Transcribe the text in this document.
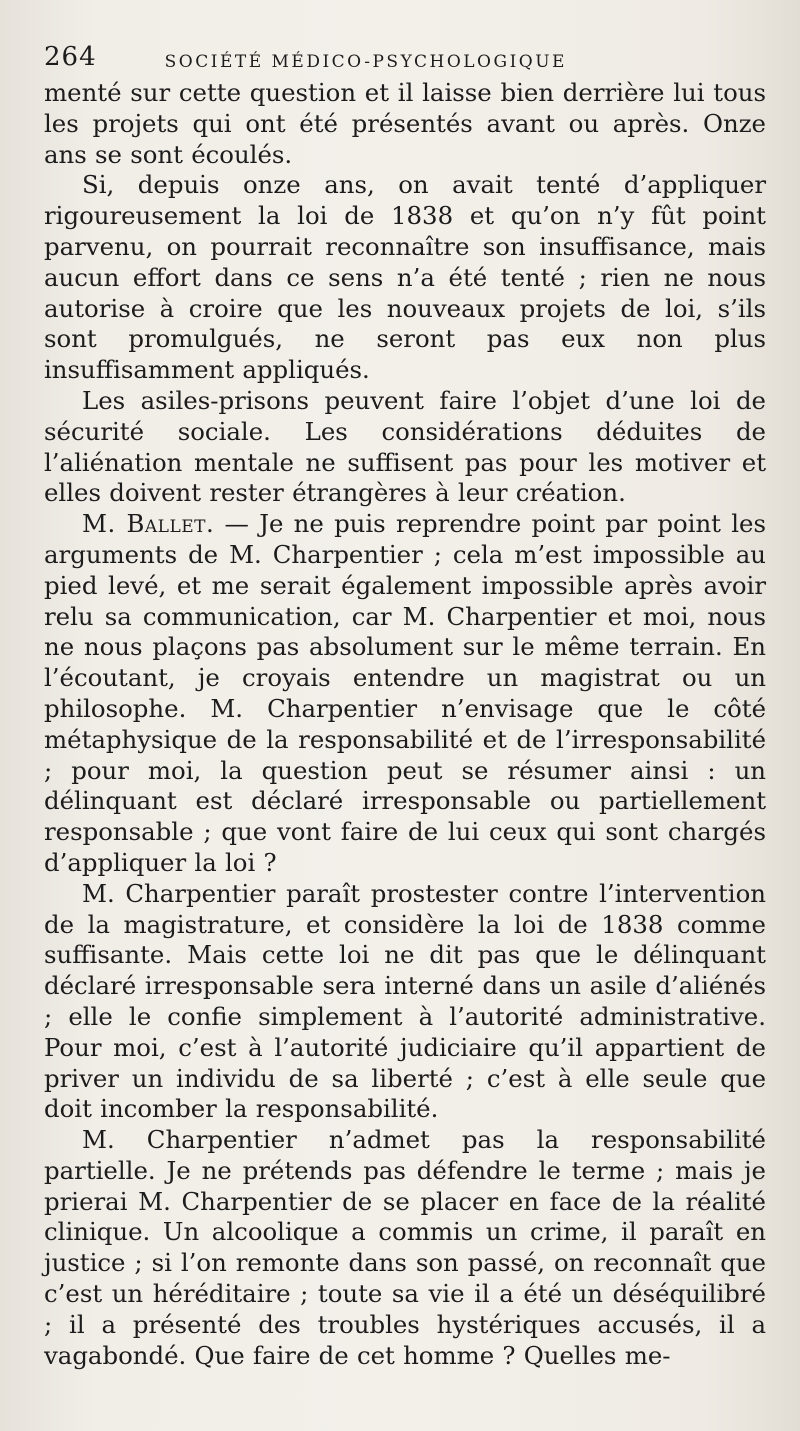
264	SOCIÉTÉ MÉDICO-PSYCHOLOGIQUE

menté sur cette question et il laisse bien derrière lui tous les projets qui ont été présentés avant ou après. Onze ans se sont écoulés.

Si, depuis onze ans, on avait tenté d’appliquer rigoureusement la loi de 1838 et qu’on n’y fût point parvenu, on pourrait reconnaître son insuffisance, mais aucun effort dans ce sens n’a été tenté ; rien ne nous autorise à croire que les nouveaux projets de loi, s’ils sont promulgués, ne seront pas eux non plus insuffisamment appliqués.

Les asiles-prisons peuvent faire l’objet d’une loi de sécurité sociale. Les considérations déduites de l’aliénation mentale ne suffisent pas pour les motiver et elles doivent rester étrangères à leur création.

M. Ballet. — Je ne puis reprendre point par point les arguments de M. Charpentier ; cela m’est impossible au pied levé, et me serait également impossible après avoir relu sa communication, car M. Charpentier et moi, nous ne nous plaçons pas absolument sur le même terrain. En l’écoutant, je croyais entendre un magistrat ou un philosophe. M. Charpentier n’envisage que le côté métaphysique de la responsabilité et de l’irresponsabilité ; pour moi, la question peut se résumer ainsi : un délinquant est déclaré irresponsable ou partiellement responsable ; que vont faire de lui ceux qui sont chargés d’appliquer la loi ?

M. Charpentier paraît prostester contre l’intervention de la magistrature, et considère la loi de 1838 comme suffisante. Mais cette loi ne dit pas que le délinquant déclaré irresponsable sera interné dans un asile d’aliénés ; elle le confie simplement à l’autorité administrative. Pour moi, c’est à l’autorité judiciaire qu’il appartient de priver un individu de sa liberté ; c’est à elle seule que doit incomber la responsabilité.

M. Charpentier n’admet pas la responsabilité partielle. Je ne prétends pas défendre le terme ; mais je prierai M. Charpentier de se placer en face de la réalité clinique. Un alcoolique a commis un crime, il paraît en justice ; si l’on remonte dans son passé, on reconnaît que c’est un héréditaire ; toute sa vie il a été un déséquilibré ; il a présenté des troubles hystériques accusés, il a vagabondé. Que faire de cet homme ? Quelles me-
